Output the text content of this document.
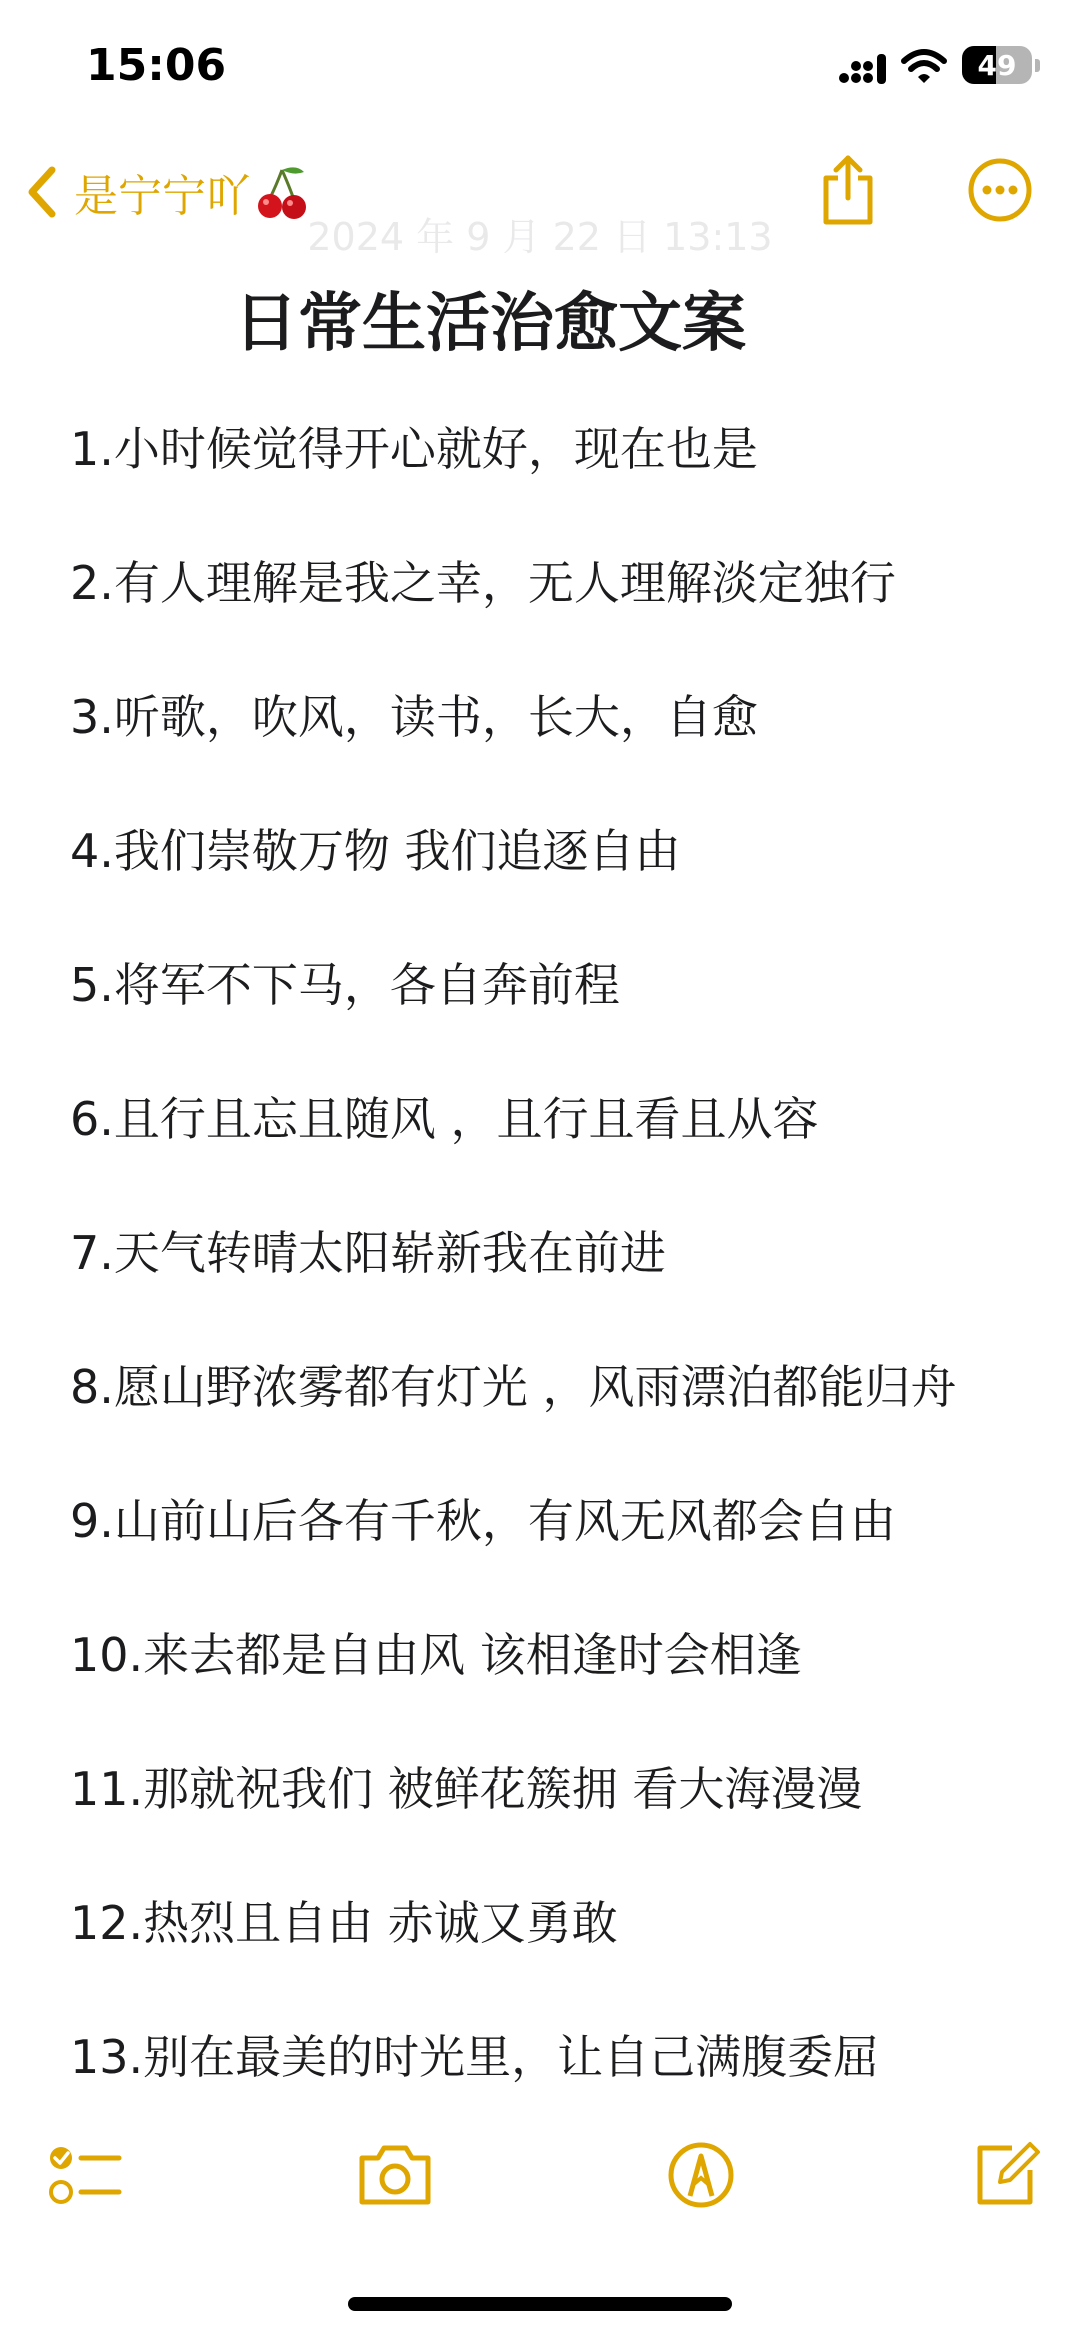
15:06	49
是宁宁吖
2024 年 9 月 22 日 13:13
日常生活治愈文案
1.小时候觉得开心就好，现在也是
2.有人理解是我之幸，无人理解淡定独行
3.听歌，吹风，读书，长大，自愈
4.我们崇敬万物 我们追逐自由
5.将军不下马，各自奔前程
6.且行且忘且随风 ，且行且看且从容
7.天气转晴太阳崭新我在前进
8.愿山野浓雾都有灯光 ，风雨漂泊都能归舟
9.山前山后各有千秋，有风无风都会自由
10.来去都是自由风 该相逢时会相逢
11.那就祝我们 被鲜花簇拥 看大海漫漫
12.热烈且自由 赤诚又勇敢
13.别在最美的时光里，让自己满腹委屈
